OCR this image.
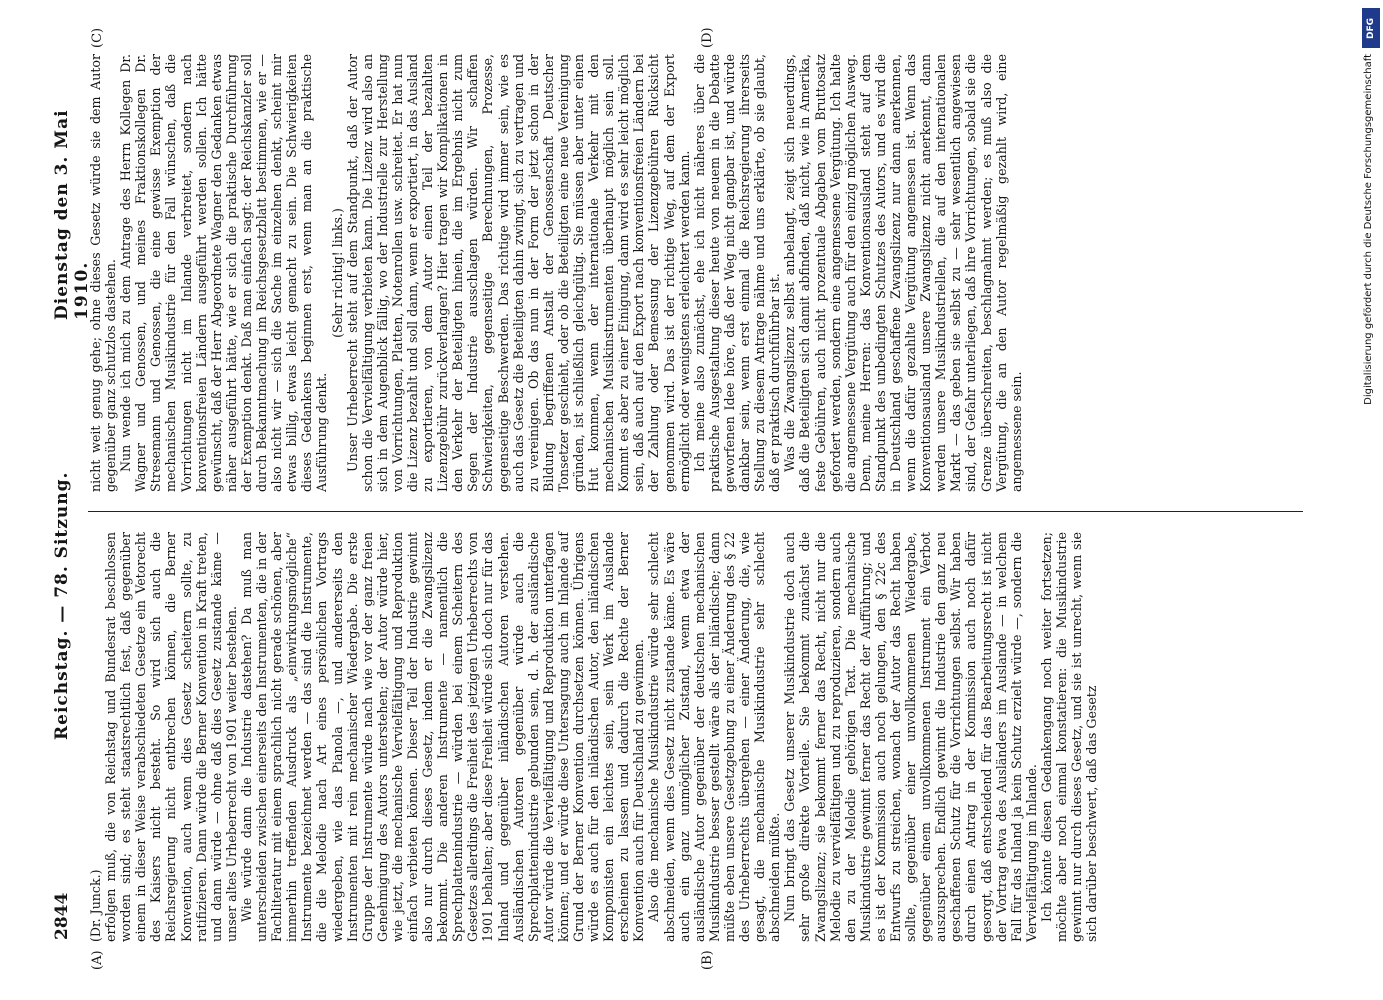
2844
Reichstag. — 78. Sitzung.
Dienstag den 3. Mai 1910.
(A)	(B)
(C)	(D)

(Dr. Junck.) erfolgen muß, die von Reichstag und Bundesrat beschlossen worden sind; es steht staatsrechtlich fest, daß gegenüber einem in dieser Weise verabschiedeten Gesetze ein Vetorecht des Kaisers nicht besteht. So wird sich auch die Reichsregierung nicht entbrechen können, die Berner Konvention, auch wenn dies Gesetz scheitern sollte, zu ratifizieren. Dann würde die Berner Konvention in Kraft treten, und dann würde — ohne daß dies Gesetz zustande käme — unser altes Urheberrecht von 1901 weiter bestehen. Wie würde dann die Industrie dastehen? Da muß man unterscheiden zwischen einerseits den Instrumenten, die in der Fachliteratur mit einem sprachlich nicht gerade schönen, aber immerhin treffenden Ausdruck als „einwirkungsmögliche“ Instrumente bezeichnet werden — das sind die Instrumente, die die Melodie nach Art eines persönlichen Vortrags wiedergeben, wie das Pianola —, und andererseits den Instrumenten mit rein mechanischer Wiedergabe. Die erste Gruppe der Instrumente würde nach wie vor der ganz freien Genehmigung des Autors unterstehen; der Autor würde hier, wie jetzt, die mechanische Vervielfältigung und Reproduktion einfach verbieten können. Dieser Teil der Industrie gewinnt also nur durch dieses Gesetz, indem er die Zwangslizenz bekommt. Die anderen Instrumente — namentlich die Sprechplattenindustrie — würden bei einem Scheitern des Gesetzes allerdings die Freiheit des jetzigen Urheberrechts von 1901 behalten; aber diese Freiheit würde sich doch nur für das Inland und gegenüber inländischen Autoren verstehen. Ausländischen Autoren gegenüber würde auch die Sprechplattenindustrie gebunden sein, d. h. der ausländische Autor würde die Vervielfältigung und Reproduktion unterfagen können; und er würde diese Untersagung auch im Inlande auf Grund der Berner Konvention durchsetzen können. Übrigens würde es auch für den inländischen Autor, den inländischen Komponisten ein leichtes sein, sein Werk im Auslande erscheinen zu lassen und dadurch die Rechte der Berner Konvention auch für Deutschland zu gewinnen. Also die mechanische Musikindustrie würde sehr schlecht abschneiden, wenn dies Gesetz nicht zustande käme. Es wäre auch ein ganz unmöglicher Zustand, wenn etwa der ausländische Autor gegenüber der deutschen mechanischen Musikindustrie besser gestellt wäre als der inländische; dann müßte eben unsere Gesetzgebung zu einer Änderung des § 22 des Urheberrechts übergehen — einer Änderung, die, wie gesagt, die mechanische Musikindustrie sehr schlecht abschneiden müßte. Nun bringt das Gesetz unserer Musikindustrie doch auch sehr große direkte Vorteile. Sie bekommt zunächst die Zwangslizenz; sie bekommt ferner das Recht, nicht nur die Melodie zu vervielfältigen und zu reproduzieren, sondern auch den zu der Melodie gehörigen Text. Die mechanische Musikindustrie gewinnt ferner das Recht der Aufführung; und es ist der Kommission auch noch gelungen, den § 22c des Entwurfs zu streichen, wonach der Autor das Recht haben sollte, gegenüber einer unvollkommenen Wiedergabe, gegenüber einem unvollkommenen Instrument ein Verbot auszusprechen. Endlich gewinnt die Industrie den ganz neu geschaffenen Schutz für die Vorrichtungen selbst. Wir haben durch einen Antrag in der Kommission auch noch dafür gesorgt, daß entscheidend für das Bearbeitungsrecht ist nicht der Vortrag etwa des Ausländers im Auslande — in welchem Fall für das Inland ja kein Schutz erzielt würde —, sondern die Vervielfältigung im Inlande. Ich könnte diesen Gedankengang noch weiter fortsetzen; möchte aber noch einmal konstatieren: die Musikindustrie gewinnt nur durch dieses Gesetz, und sie ist unrecht, wenn sie sich darüber beschwert, daß das Gesetz

nicht weit genug gehe; ohne dieses Gesetz würde sie dem Autor gegenüber ganz schutzlos dastehen. Nun wende ich mich zu dem Antrage des Herrn Kollegen Dr. Wagner und Genossen, und meines Fraktionskollegen Dr. Stresemann und Genossen, die eine gewisse Exemption der mechanischen Musikindustrie für den Fall wünschen, daß die Vorrichtungen nicht im Inlande verbreitet, sondern nach konventionsfreien Ländern ausgeführt werden sollen. Ich hätte gewünscht, daß der Herr Abgeordnete Wagner den Gedanken etwas näher ausgeführt hätte, wie er sich die praktische Durchführung der Exemption denkt. Daß man einfach sagt: der Reichskanzler soll durch Bekanntmachung im Reichsgesetzblatt bestimmen, wie er — also nicht wir — sich die Sache im einzelnen denkt, scheint mir etwas billig, etwas leicht gemacht zu sein. Die Schwierigkeiten dieses Gedankens beginnen erst, wenn man an die praktische Ausführung denkt.

(Sehr richtig! links.) Unser Urheberrecht steht auf dem Standpunkt, daß der Autor schon die Vervielfältigung verbieten kann. Die Lizenz wird also an sich in dem Augenblick fällig, wo der Industrielle zur Herstellung von Vorrichtungen, Platten, Notenrollen usw. schreitet. Er hat nun die Lizenz bezahlt und soll dann, wenn er exportiert, in das Ausland zu exportieren, von dem Autor einen Teil der bezahlten Lizenzgebühr zurückverlangen? Hier tragen wir Komplikationen in den Verkehr der Beteiligten hinein, die im Ergebnis nicht zum Segen der Industrie ausschlagen würden. Wir schaffen Schwierigkeiten, gegenseitige Berechnungen, Prozesse, gegenseitige Beschwerden. Das richtige wird immer sein, wie es auch das Gesetz die Beteiligten dahin zwingt, sich zu vertragen und zu vereinigen. Ob das nun in der Form der jetzt schon in der Bildung begriffenen Anstalt der Genossenschaft Deutscher Tonsetzer geschieht, oder ob die Beteiligten eine neue Vereinigung gründen, ist schließlich gleichgültig. Sie müssen aber unter einen Hut kommen, wenn der internationale Verkehr mit den mechanischen Musikinstrumenten überhaupt möglich sein soll. Kommt es aber zu einer Einigung, dann wird es sehr leicht möglich sein, daß auch auf den Export nach konventionsfreien Ländern bei der Zahlung oder Bemessung der Lizenzgebühren Rücksicht genommen wird. Das ist der richtige Weg, auf dem der Export ermöglicht oder wenigstens erleichtert werden kann. Ich meine also zunächst, ehe ich nicht näheres über die praktische Ausgestaltung dieser heute von neuem in die Debatte geworfenen Idee höre, daß der Weg nicht gangbar ist, und würde dankbar sein, wenn erst einmal die Reichsregierung ihrerseits Stellung zu diesem Antrage nähme und uns erklärte, ob sie glaubt, daß er praktisch durchführbar ist. Was die Zwangslizenz selbst anbelangt, zeigt sich neuerdings, daß die Beteiligten sich damit abfinden, daß nicht, wie in Amerika, feste Gebühren, auch nicht prozentuale Abgaben vom Bruttosatz gefordert werden, sondern eine angemessene Vergütung. Ich halte die angemessene Vergütung auch für den einzig möglichen Ausweg. Denn, meine Herren: das Konventionsausland steht auf dem Standpunkt des unbedingten Schutzes des Autors, und es wird die in Deutschland geschaffene Zwangslizenz nur dann anerkennen, wenn die dafür gezahlte Vergütung angemessen ist. Wenn das Konventionsausland unsere Zwangslizenz nicht anerkennt, dann werden unsere Musikindustriellen, die auf den internationalen Markt — das geben sie selbst zu — sehr wesentlich angewiesen sind, der Gefahr unterliegen, daß ihre Vorrichtungen, sobald sie die Grenze überschreiten, beschlagnahmt werden; es muß also die Vergütung, die an den Autor regelmäßig gezahlt wird, eine angemessene sein.

DFG
Digitalisierung gefördert durch die Deutsche Forschungsgemeinschaft
